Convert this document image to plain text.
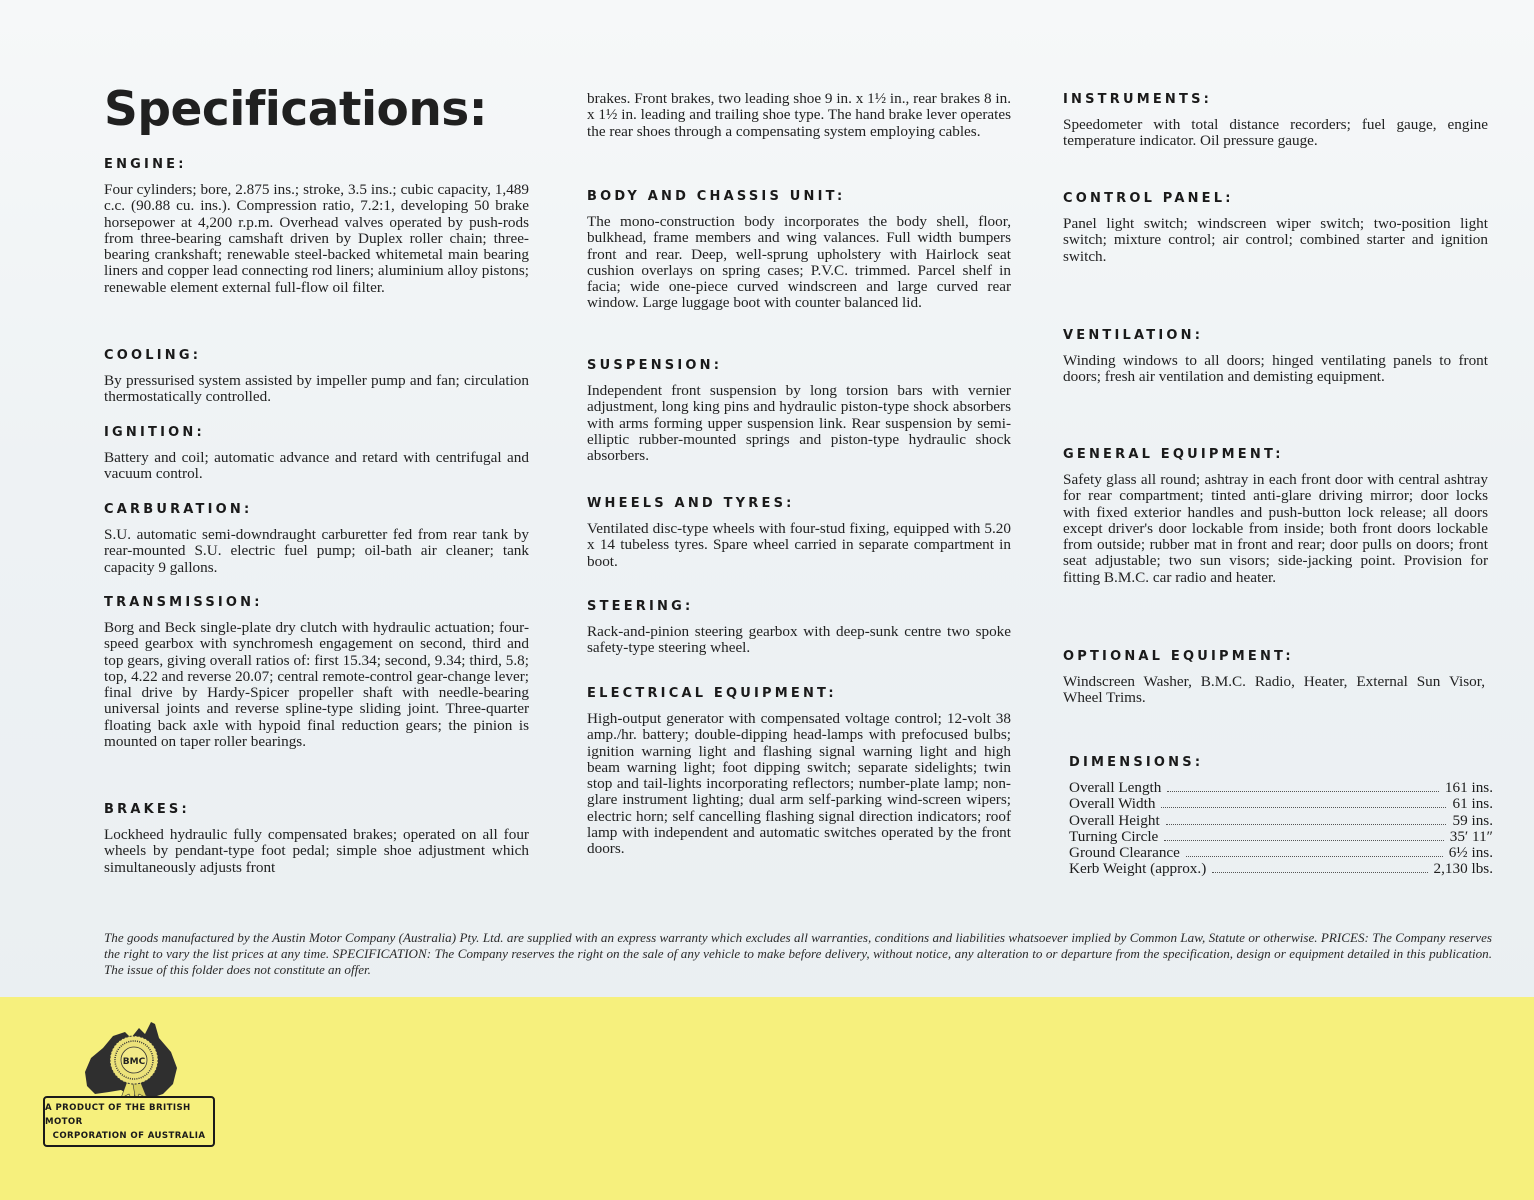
Specifications:
ENGINE:

Four cylinders; bore, 2.875 ins.; stroke, 3.5 ins.; cubic capacity, 1,489 c.c. (90.88 cu. ins.). Compression ratio, 7.2:1, developing 50 brake horsepower at 4,200 r.p.m. Overhead valves operated by push-rods from three-bearing camshaft driven by Duplex roller chain; three-bearing crankshaft; renewable steel-backed whitemetal main bearing liners and copper lead connecting rod liners; aluminium alloy pistons; renewable element external full-flow oil filter.

COOLING:

By pressurised system assisted by impeller pump and fan; circulation thermostatically controlled.

IGNITION:

Battery and coil; automatic advance and retard with centrifugal and vacuum control.

CARBURATION:

S.U. automatic semi-downdraught carburetter fed from rear tank by rear-mounted S.U. electric fuel pump; oil-bath air cleaner; tank capacity 9 gallons.

TRANSMISSION:

Borg and Beck single-plate dry clutch with hydraulic actuation; four-speed gearbox with synchromesh engagement on second, third and top gears, giving overall ratios of: first 15.34; second, 9.34; third, 5.8; top, 4.22 and reverse 20.07; central remote-control gear-change lever; final drive by Hardy-Spicer propeller shaft with needle-bearing universal joints and reverse spline-type sliding joint. Three-quarter floating back axle with hypoid final reduction gears; the pinion is mounted on taper roller bearings.

BRAKES:

Lockheed hydraulic fully compensated brakes; operated on all four wheels by pendant-type foot pedal; simple shoe adjustment which simultaneously adjusts front

brakes. Front brakes, two leading shoe 9 in. x 1½ in., rear brakes 8 in. x 1½ in. leading and trailing shoe type. The hand brake lever operates the rear shoes through a compensating system employing cables.

BODY AND CHASSIS UNIT:

The mono-construction body incorporates the body shell, floor, bulkhead, frame members and wing valances. Full width bumpers front and rear. Deep, well-sprung upholstery with Hairlock seat cushion overlays on spring cases; P.V.C. trimmed. Parcel shelf in facia; wide one-piece curved windscreen and large curved rear window. Large luggage boot with counter balanced lid.

SUSPENSION:

Independent front suspension by long torsion bars with vernier adjustment, long king pins and hydraulic piston-type shock absorbers with arms forming upper suspension link. Rear suspension by semi-elliptic rubber-mounted springs and piston-type hydraulic shock absorbers.

WHEELS AND TYRES:

Ventilated disc-type wheels with four-stud fixing, equipped with 5.20 x 14 tubeless tyres. Spare wheel carried in separate compartment in boot.

STEERING:

Rack-and-pinion steering gearbox with deep-sunk centre two spoke safety-type steering wheel.

ELECTRICAL EQUIPMENT:

High-output generator with compensated voltage control; 12-volt 38 amp./hr. battery; double-dipping head-lamps with prefocused bulbs; ignition warning light and flashing signal warning light and high beam warning light; foot dipping switch; separate sidelights; twin stop and tail-lights incorporating reflectors; number-plate lamp; non-glare instrument lighting; dual arm self-parking wind-screen wipers; electric horn; self cancelling flashing signal direction indicators; roof lamp with independent and automatic switches operated by the front doors.

INSTRUMENTS:

Speedometer with total distance recorders; fuel gauge, engine temperature indicator. Oil pressure gauge.

CONTROL PANEL:

Panel light switch; windscreen wiper switch; two-position light switch; mixture control; air control; combined starter and ignition switch.

VENTILATION:

Winding windows to all doors; hinged ventilating panels to front doors; fresh air ventilation and demisting equipment.

GENERAL EQUIPMENT:

Safety glass all round; ashtray in each front door with central ashtray for rear compartment; tinted anti-glare driving mirror; door locks with fixed exterior handles and push-button lock release; all doors except driver's door lockable from inside; both front doors lockable from outside; rubber mat in front and rear; door pulls on doors; front seat adjustable; two sun visors; side-jacking point. Provision for fitting B.M.C. car radio and heater.

OPTIONAL EQUIPMENT:

Windscreen Washer, B.M.C. Radio, Heater, External Sun Visor, Wheel Trims.

DIMENSIONS:
Overall Length	161 ins.
Overall Width	61 ins.
Overall Height	59 ins.
Turning Circle	35′ 11″
Ground Clearance	6½ ins.
Kerb Weight (approx.)	2,130 lbs.

The goods manufactured by the Austin Motor Company (Australia) Pty. Ltd. are supplied with an express warranty which excludes all warranties, conditions and liabilities whatsoever implied by Common Law, Statute or otherwise. PRICES: The Company reserves the right to vary the list prices at any time. SPECIFICATION: The Company reserves the right on the sale of any vehicle to make before delivery, without notice, any alteration to or departure from the specification, design or equipment detailed in this publication. The issue of this folder does not constitute an offer.

BMC
A PRODUCT OF THE BRITISH MOTOR
CORPORATION OF AUSTRALIA
